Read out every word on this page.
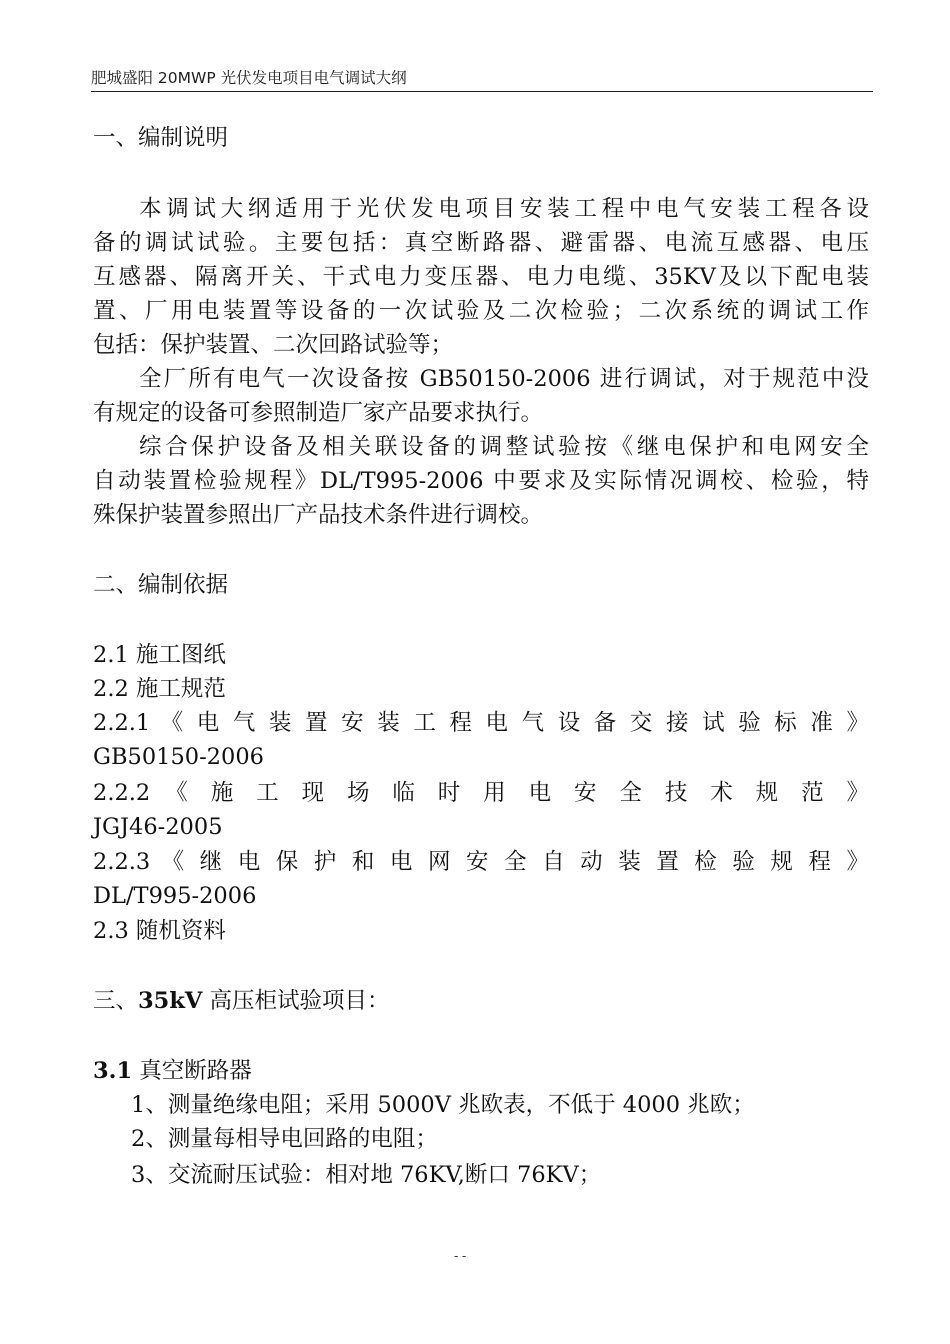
肥城盛阳 20MWP 光伏发电项目电气调试大纲
一、编制说明
本调试大纲适用于光伏发电项目安装工程中电气安装工程各设
备的调试试验。主要包括：真空断路器、避雷器、电流互感器、电压
互感器、隔离开关、干式电力变压器、电力电缆、35KV及以下配电装
置、厂用电装置等设备的一次试验及二次检验；二次系统的调试工作
包括：保护装置、二次回路试验等；
全厂所有电气一次设备按 GB50150-2006 进行调试，对于规范中没
有规定的设备可参照制造厂家产品要求执行。
综合保护设备及相关联设备的调整试验按《继电保护和电网安全
自动装置检验规程》DL/T995-2006 中要求及实际情况调校、检验，特
殊保护装置参照出厂产品技术条件进行调校。
二、编制依据
2.1 施工图纸
2.2 施工规范
2.2.1 《 电 气 装 置 安 装 工 程 电 气 设 备 交 接 试 验 标 准 》
GB50150-2006
2.2.2 《 施 工 现 场 临 时 用 电 安 全 技 术 规 范 》
JGJ46-2005
2.2.3 《 继 电 保 护 和 电 网 安 全 自 动 装 置 检 验 规 程 》
DL/T995-2006
2.3 随机资料
三、35kV 高压柜试验项目：
3.1 真空断路器
1、测量绝缘电阻；采用 5000V 兆欧表，不低于 4000 兆欧；
2、测量每相导电回路的电阻；
3、交流耐压试验：相对地 76KV,断口 76KV；
- -
